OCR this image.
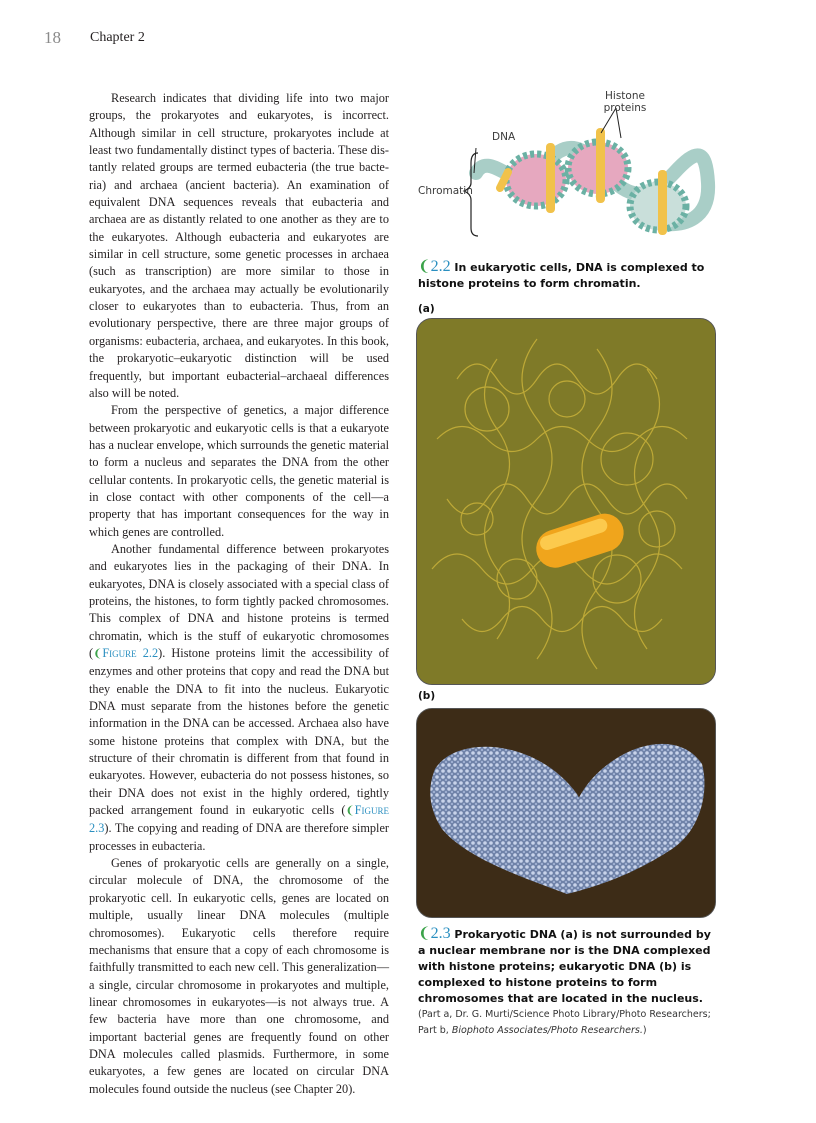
18 Chapter 2

Research indicates that dividing life into two major groups, the prokaryotes and eukaryotes, is incorrect. Although similar in cell structure, prokaryotes include at least two fundamentally distinct types of bacteria. These distantly related groups are termed eubacteria (the true bacteria) and archaea (ancient bacteria). An examination of equivalent DNA sequences reveals that eubacteria and archaea are as distantly related to one another as they are to the eukaryotes. Although eubacteria and eukaryotes are similar in cell structure, some genetic processes in archaea (such as transcription) are more similar to those in eukaryotes, and the archaea may actually be evolutionarily closer to eukaryotes than to eubacteria. Thus, from an evolutionary perspective, there are three major groups of organisms: eubacteria, archaea, and eukaryotes. In this book, the prokaryotic–eukaryotic distinction will be used frequently, but important eubacterial–archaeal differences also will be noted.

From the perspective of genetics, a major difference between prokaryotic and eukaryotic cells is that a eukaryote has a nuclear envelope, which surrounds the genetic material to form a nucleus and separates the DNA from the other cellular contents. In prokaryotic cells, the genetic material is in close contact with other components of the cell—a property that has important consequences for the way in which genes are controlled.

Another fundamental difference between prokaryotes and eukaryotes lies in the packaging of their DNA. In eukaryotes, DNA is closely associated with a special class of proteins, the histones, to form tightly packed chromosomes. This complex of DNA and histone proteins is termed chromatin, which is the stuff of eukaryotic chromosomes (❨Figure 2.2). Histone proteins limit the accessibility of enzymes and other proteins that copy and read the DNA but they enable the DNA to fit into the nucleus. Eukaryotic DNA must separate from the histones before the genetic information in the DNA can be accessed. Archaea also have some histone proteins that complex with DNA, but the structure of their chromatin is different from that found in eukaryotes. However, eubacteria do not possess histones, so their DNA does not exist in the highly ordered, tightly packed arrangement found in eukaryotic cells (❨Figure 2.3). The copying and reading of DNA are therefore simpler processes in eubacteria.

Genes of prokaryotic cells are generally on a single, circular molecule of DNA, the chromosome of the prokaryotic cell. In eukaryotic cells, genes are located on multiple, usually linear DNA molecules (multiple chromosomes). Eukaryotic cells therefore require mechanisms that ensure that a copy of each chromosome is faithfully transmitted to each new cell. This generalization—a single, circular chromosome in prokaryotes and multiple, linear chromosomes in eukaryotes—is not always true. A few bacteria have more than one chromosome, and important bacterial genes are frequently found on other DNA molecules called plasmids. Furthermore, in some eukaryotes, a few genes are located on circular DNA molecules found outside the nucleus (see Chapter 20).

Histone proteins
DNA
Chromatin
❨2.2 In eukaryotic cells, DNA is complexed to histone proteins to form chromatin.
(a)
(b)
❨2.3 Prokaryotic DNA (a) is not surrounded by a nuclear membrane nor is the DNA complexed with histone proteins; eukaryotic DNA (b) is complexed to histone proteins to form chromosomes that are located in the nucleus.
(Part a, Dr. G. Murti/Science Photo Library/Photo Researchers; Part b, Biophoto Associates/Photo Researchers.)
